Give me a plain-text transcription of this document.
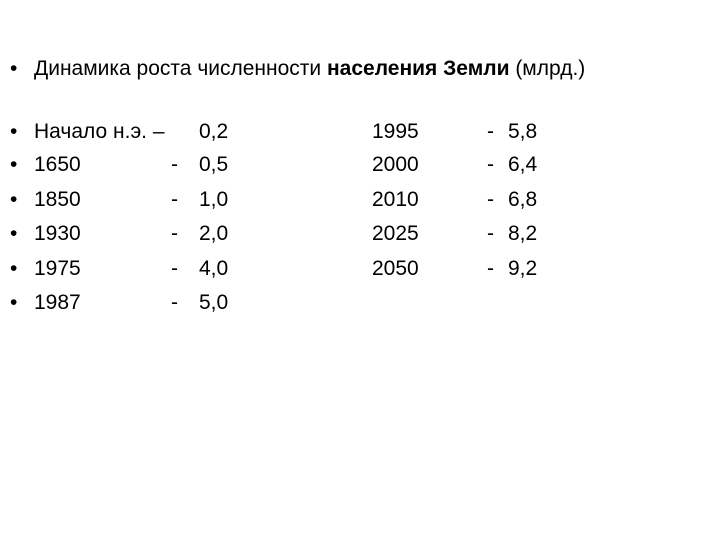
• Динамика роста численности населения Земли (млрд.)
• Начало н.э. – 0,2	1995	- 5,8
• 1650	- 0,5	2000	- 6,4
• 1850	- 1,0	2010	- 6,8
• 1930	- 2,0	2025	- 8,2
• 1975	- 4,0	2050	- 9,2
• 1987	- 5,0
